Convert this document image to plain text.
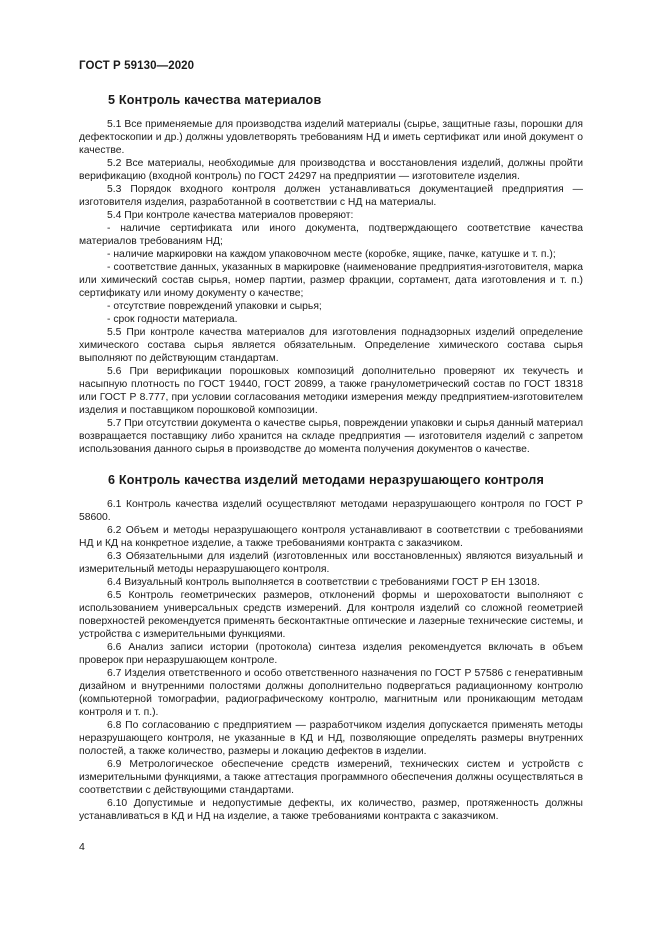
ГОСТ Р 59130—2020
5 Контроль качества материалов

5.1 Все применяемые для производства изделий материалы (сырье, защитные газы, порошки для дефектоскопии и др.) должны удовлетворять требованиям НД и иметь сертификат или иной документ о качестве.

5.2 Все материалы, необходимые для производства и восстановления изделий, должны пройти верификацию (входной контроль) по ГОСТ 24297 на предприятии — изготовителе изделия.

5.3 Порядок входного контроля должен устанавливаться документацией предприятия — изготовителя изделия, разработанной в соответствии с НД на материалы.

5.4 При контроле качества материалов проверяют:

- наличие сертификата или иного документа, подтверждающего соответствие качества материалов требованиям НД;

- наличие маркировки на каждом упаковочном месте (коробке, ящике, пачке, катушке и т. п.);

- соответствие данных, указанных в маркировке (наименование предприятия-изготовителя, марка или химический состав сырья, номер партии, размер фракции, сортамент, дата изготовления и т. п.) сертификату или иному документу о качестве;

- отсутствие повреждений упаковки и сырья;

- срок годности материала.

5.5 При контроле качества материалов для изготовления поднадзорных изделий определение химического состава сырья является обязательным. Определение химического состава сырья выполняют по действующим стандартам.

5.6 При верификации порошковых композиций дополнительно проверяют их текучесть и насыпную плотность по ГОСТ 19440, ГОСТ 20899, а также гранулометрический состав по ГОСТ 18318 или ГОСТ Р 8.777, при условии согласования методики измерения между предприятием-изготовителем изделия и поставщиком порошковой композиции.

5.7 При отсутствии документа о качестве сырья, повреждении упаковки и сырья данный материал возвращается поставщику либо хранится на складе предприятия — изготовителя изделий с запретом использования данного сырья в производстве до момента получения документов о качестве.

6 Контроль качества изделий методами неразрушающего контроля

6.1 Контроль качества изделий осуществляют методами неразрушающего контроля по ГОСТ Р 58600.

6.2 Объем и методы неразрушающего контроля устанавливают в соответствии с требованиями НД и КД на конкретное изделие, а также требованиями контракта с заказчиком.

6.3 Обязательными для изделий (изготовленных или восстановленных) являются визуальный и измерительный методы неразрушающего контроля.

6.4 Визуальный контроль выполняется в соответствии с требованиями ГОСТ Р ЕН 13018.

6.5 Контроль геометрических размеров, отклонений формы и шероховатости выполняют с использованием универсальных средств измерений. Для контроля изделий со сложной геометрией поверхностей рекомендуется применять бесконтактные оптические и лазерные технические системы, и устройства с измерительными функциями.

6.6 Анализ записи истории (протокола) синтеза изделия рекомендуется включать в объем проверок при неразрушающем контроле.

6.7 Изделия ответственного и особо ответственного назначения по ГОСТ Р 57586 с генеративным дизайном и внутренними полостями должны дополнительно подвергаться радиационному контролю (компьютерной томографии, радиографическому контролю, магнитным или проникающим методам контроля и т. п.).

6.8 По согласованию с предприятием — разработчиком изделия допускается применять методы неразрушающего контроля, не указанные в КД и НД, позволяющие определять размеры внутренних полостей, а также количество, размеры и локацию дефектов в изделии.

6.9 Метрологическое обеспечение средств измерений, технических систем и устройств с измерительными функциями, а также аттестация программного обеспечения должны осуществляться в соответствии с действующими стандартами.

6.10 Допустимые и недопустимые дефекты, их количество, размер, протяженность должны устанавливаться в КД и НД на изделие, а также требованиями контракта с заказчиком.

4
